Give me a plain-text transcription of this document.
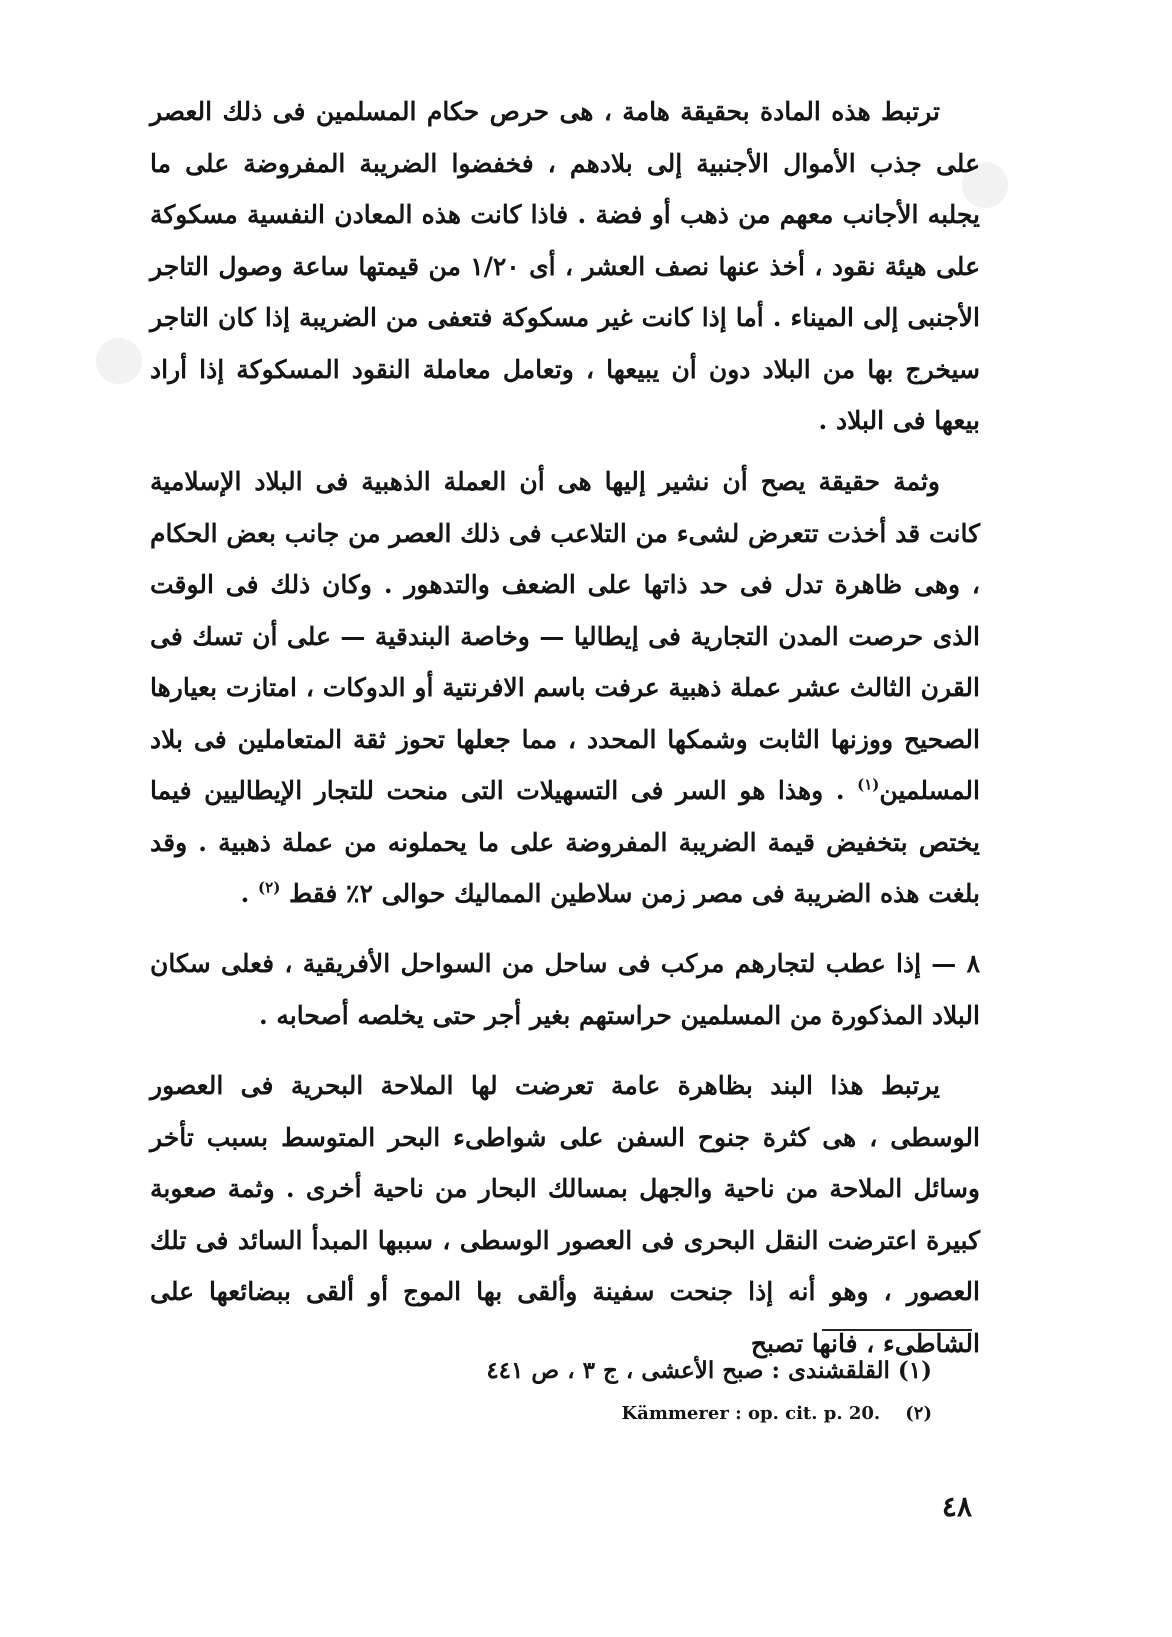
ترتبط هذه المادة بحقيقة هامة ، هى حرص حكام المسلمين فى ذلك العصر على جذب الأموال الأجنبية إلى بلادهم ، فخفضوا الضريبة المفروضة على ما يجلبه الأجانب معهم من ذهب أو فضة . فاذا كانت هذه المعادن النفسية مسكوكة على هيئة نقود ، أخذ عنها نصف العشر ، أى ١/٢٠ من قيمتها ساعة وصول التاجر الأجنبى إلى الميناء . أما إذا كانت غير مسكوكة فتعفى من الضريبة إذا كان التاجر سيخرج بها من البلاد دون أن يبيعها ، وتعامل معاملة النقود المسكوكة إذا أراد بيعها فى البلاد .

وثمة حقيقة يصح أن نشير إليها هى أن العملة الذهبية فى البلاد الإسلامية كانت قد أخذت تتعرض لشىء من التلاعب فى ذلك العصر من جانب بعض الحكام ، وهى ظاهرة تدل فى حد ذاتها على الضعف والتدهور . وكان ذلك فى الوقت الذى حرصت المدن التجارية فى إيطاليا — وخاصة البندقية — على أن تسك فى القرن الثالث عشر عملة ذهبية عرفت باسم الافرنتية أو الدوكات ، امتازت بعيارها الصحيح ووزنها الثابت وشمكها المحدد ، مما جعلها تحوز ثقة المتعاملين فى بلاد المسلمين$^{(١)}$ . وهذا هو السر فى التسهيلات التى منحت للتجار الإيطاليين فيما يختص بتخفيض قيمة الضريبة المفروضة على ما يحملونه من عملة ذهبية . وقد بلغت هذه الضريبة فى مصر زمن سلاطين المماليك حوالى ٢٪ فقط $^{(٢)}$ .

٨ — إذا عطب لتجارهم مركب فى ساحل من السواحل الأفريقية ، فعلى سكان البلاد المذكورة من المسلمين حراستهم بغير أجر حتى يخلصه أصحابه .

يرتبط هذا البند بظاهرة عامة تعرضت لها الملاحة البحرية فى العصور الوسطى ، هى كثرة جنوح السفن على شواطىء البحر المتوسط بسبب تأخر وسائل الملاحة من ناحية والجهل بمسالك البحار من ناحية أخرى . وثمة صعوبة كبيرة اعترضت النقل البحرى فى العصور الوسطى ، سببها المبدأ السائد فى تلك العصور ، وهو أنه إذا جنحت سفينة وألقى بها الموج أو ألقى ببضائعها على الشاطىء ، فانها تصبح

(١) القلقشندى : صبح الأعشى ، ج ٣ ، ص ٤٤١
(٢)    Kämmerer : op. cit. p. 20.
٤٨
